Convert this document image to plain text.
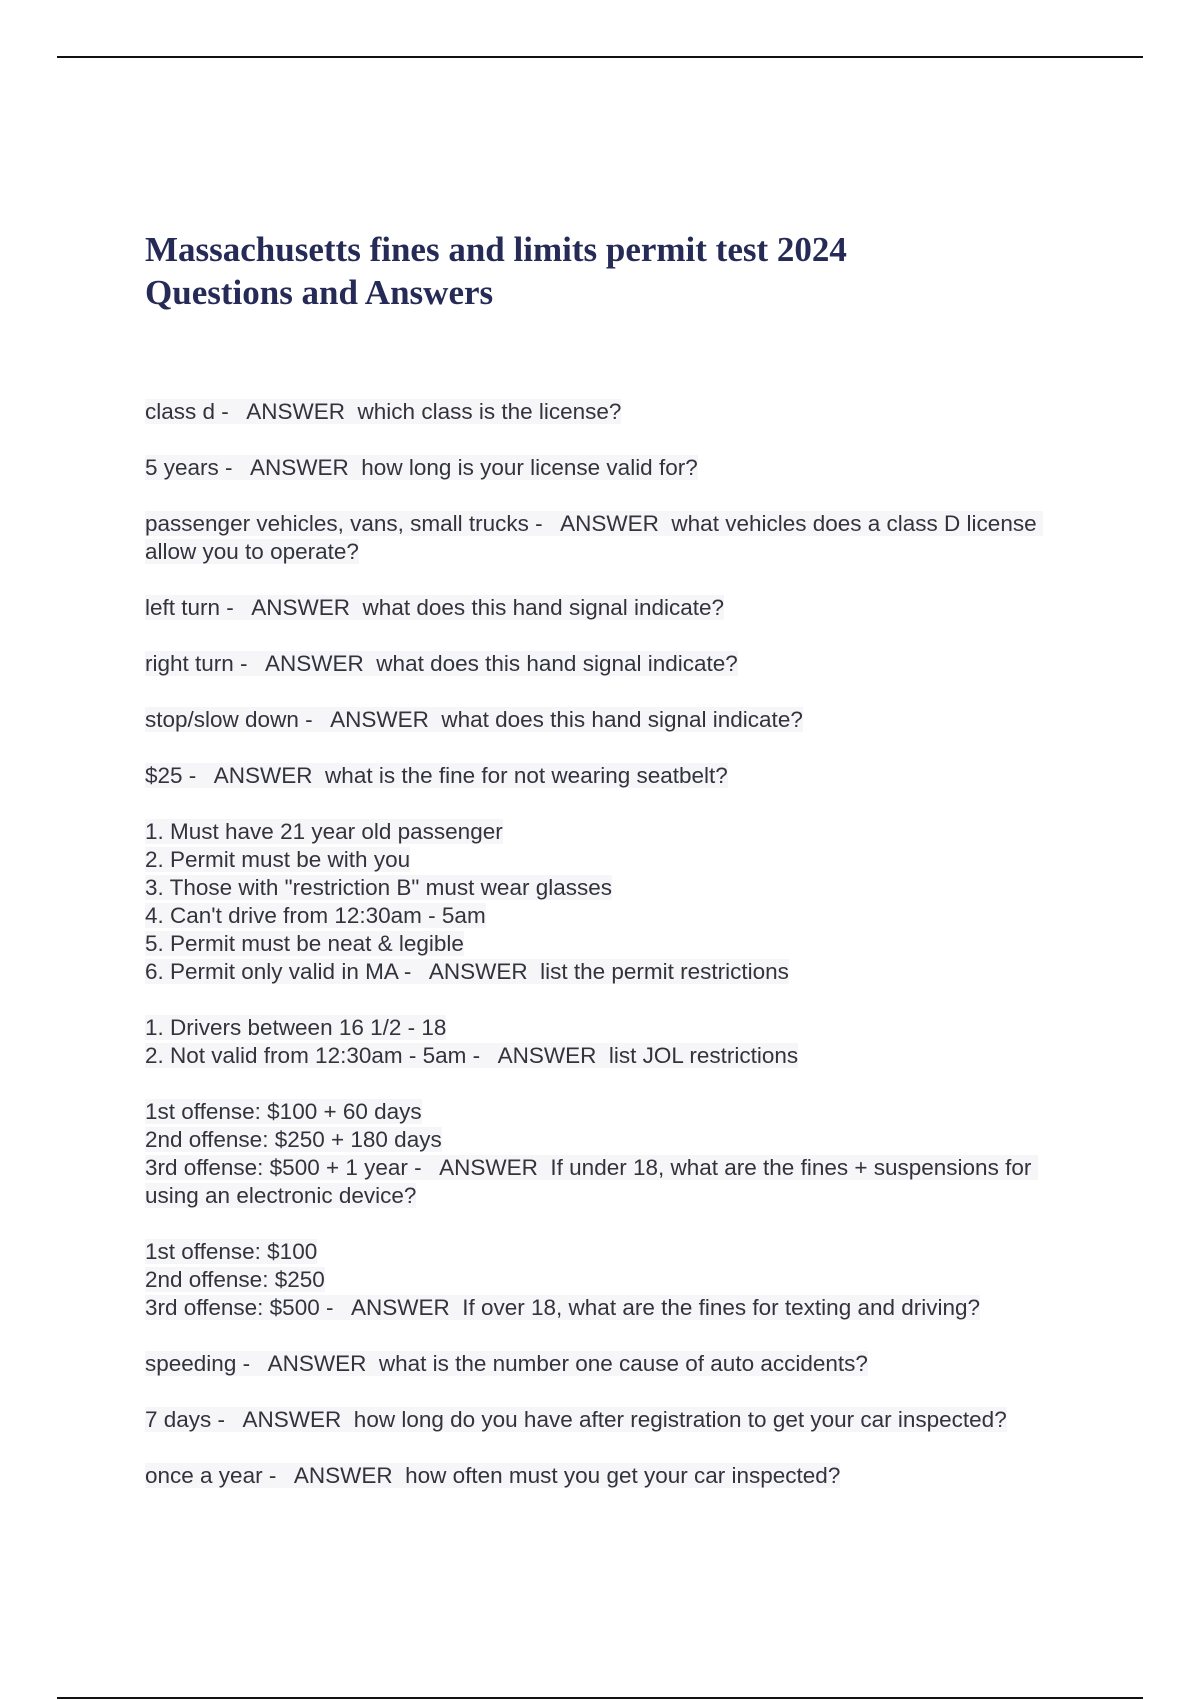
Massachusetts fines and limits permit test 2024
Questions and Answers
class d -   ANSWER  which class is the license?
5 years -   ANSWER  how long is your license valid for?
passenger vehicles, vans, small trucks -   ANSWER  what vehicles does a class D license allow you to operate?
left turn -   ANSWER  what does this hand signal indicate?
right turn -   ANSWER  what does this hand signal indicate?
stop/slow down -   ANSWER  what does this hand signal indicate?
$25 -   ANSWER  what is the fine for not wearing seatbelt?
1. Must have 21 year old passenger
2. Permit must be with you
3. Those with "restriction B" must wear glasses
4. Can't drive from 12:30am - 5am
5. Permit must be neat & legible
6. Permit only valid in MA -   ANSWER  list the permit restrictions
1. Drivers between 16 1/2 - 18
2. Not valid from 12:30am - 5am -   ANSWER  list JOL restrictions
1st offense: $100 + 60 days
2nd offense: $250 + 180 days
3rd offense: $500 + 1 year -   ANSWER  If under 18, what are the fines + suspensions for using an electronic device?
1st offense: $100
2nd offense: $250
3rd offense: $500 -   ANSWER  If over 18, what are the fines for texting and driving?
speeding -   ANSWER  what is the number one cause of auto accidents?
7 days -   ANSWER  how long do you have after registration to get your car inspected?
once a year -   ANSWER  how often must you get your car inspected?
